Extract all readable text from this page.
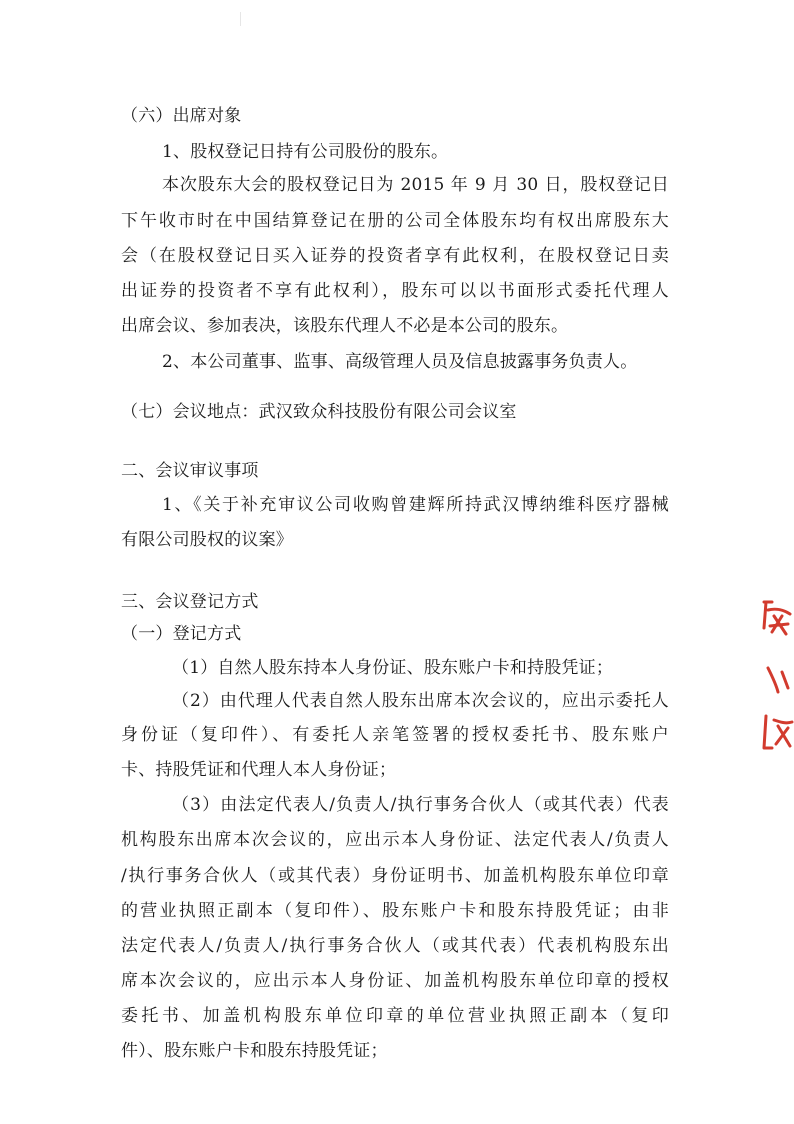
（六）出席对象
1、股权登记日持有公司股份的股东。
本次股东大会的股权登记日为 2015 年 9 月 30 日，股权登记日
下午收市时在中国结算登记在册的公司全体股东均有权出席股东大
会（在股权登记日买入证券的投资者享有此权利，在股权登记日卖
出证券的投资者不享有此权利），股东可以以书面形式委托代理人
出席会议、参加表决，该股东代理人不必是本公司的股东。
2、本公司董事、监事、高级管理人员及信息披露事务负责人。
（七）会议地点：武汉致众科技股份有限公司会议室
二、会议审议事项
1、《关于补充审议公司收购曾建辉所持武汉博纳维科医疗器械
有限公司股权的议案》
三、会议登记方式
（一）登记方式
（1）自然人股东持本人身份证、股东账户卡和持股凭证；
（2）由代理人代表自然人股东出席本次会议的，应出示委托人
身份证（复印件）、有委托人亲笔签署的授权委托书、股东账户
卡、持股凭证和代理人本人身份证；
（3）由法定代表人/负责人/执行事务合伙人（或其代表）代表
机构股东出席本次会议的，应出示本人身份证、法定代表人/负责人
/执行事务合伙人（或其代表）身份证明书、加盖机构股东单位印章
的营业执照正副本（复印件）、股东账户卡和股东持股凭证；由非
法定代表人/负责人/执行事务合伙人（或其代表）代表机构股东出
席本次会议的，应出示本人身份证、加盖机构股东单位印章的授权
委托书、加盖机构股东单位印章的单位营业执照正副本（复印
件）、股东账户卡和股东持股凭证；
